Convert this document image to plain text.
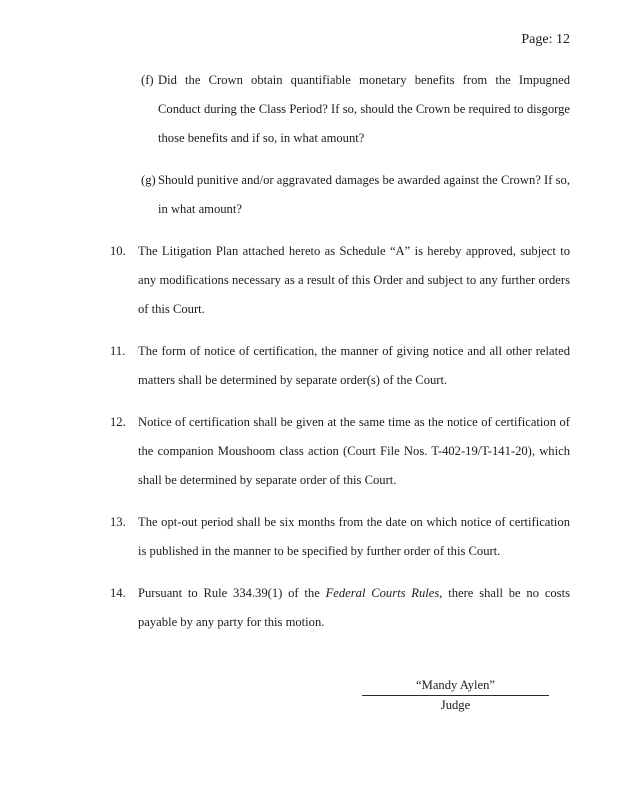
Page: 12
(f) Did the Crown obtain quantifiable monetary benefits from the Impugned Conduct during the Class Period? If so, should the Crown be required to disgorge those benefits and if so, in what amount?
(g) Should punitive and/or aggravated damages be awarded against the Crown? If so, in what amount?
10. The Litigation Plan attached hereto as Schedule “A” is hereby approved, subject to any modifications necessary as a result of this Order and subject to any further orders of this Court.
11.	The form of notice of certification, the manner of giving notice and all other related matters shall be determined by separate order(s) of the Court.
12. Notice of certification shall be given at the same time as the notice of certification of the companion Moushoom class action (Court File Nos. T-402-19/T-141-20), which shall be determined by separate order of this Court.
13. The opt-out period shall be six months from the date on which notice of certification is published in the manner to be specified by further order of this Court.
14. Pursuant to Rule 334.39(1) of the Federal Courts Rules, there shall be no costs payable by any party for this motion.
“Mandy Aylen”
Judge
